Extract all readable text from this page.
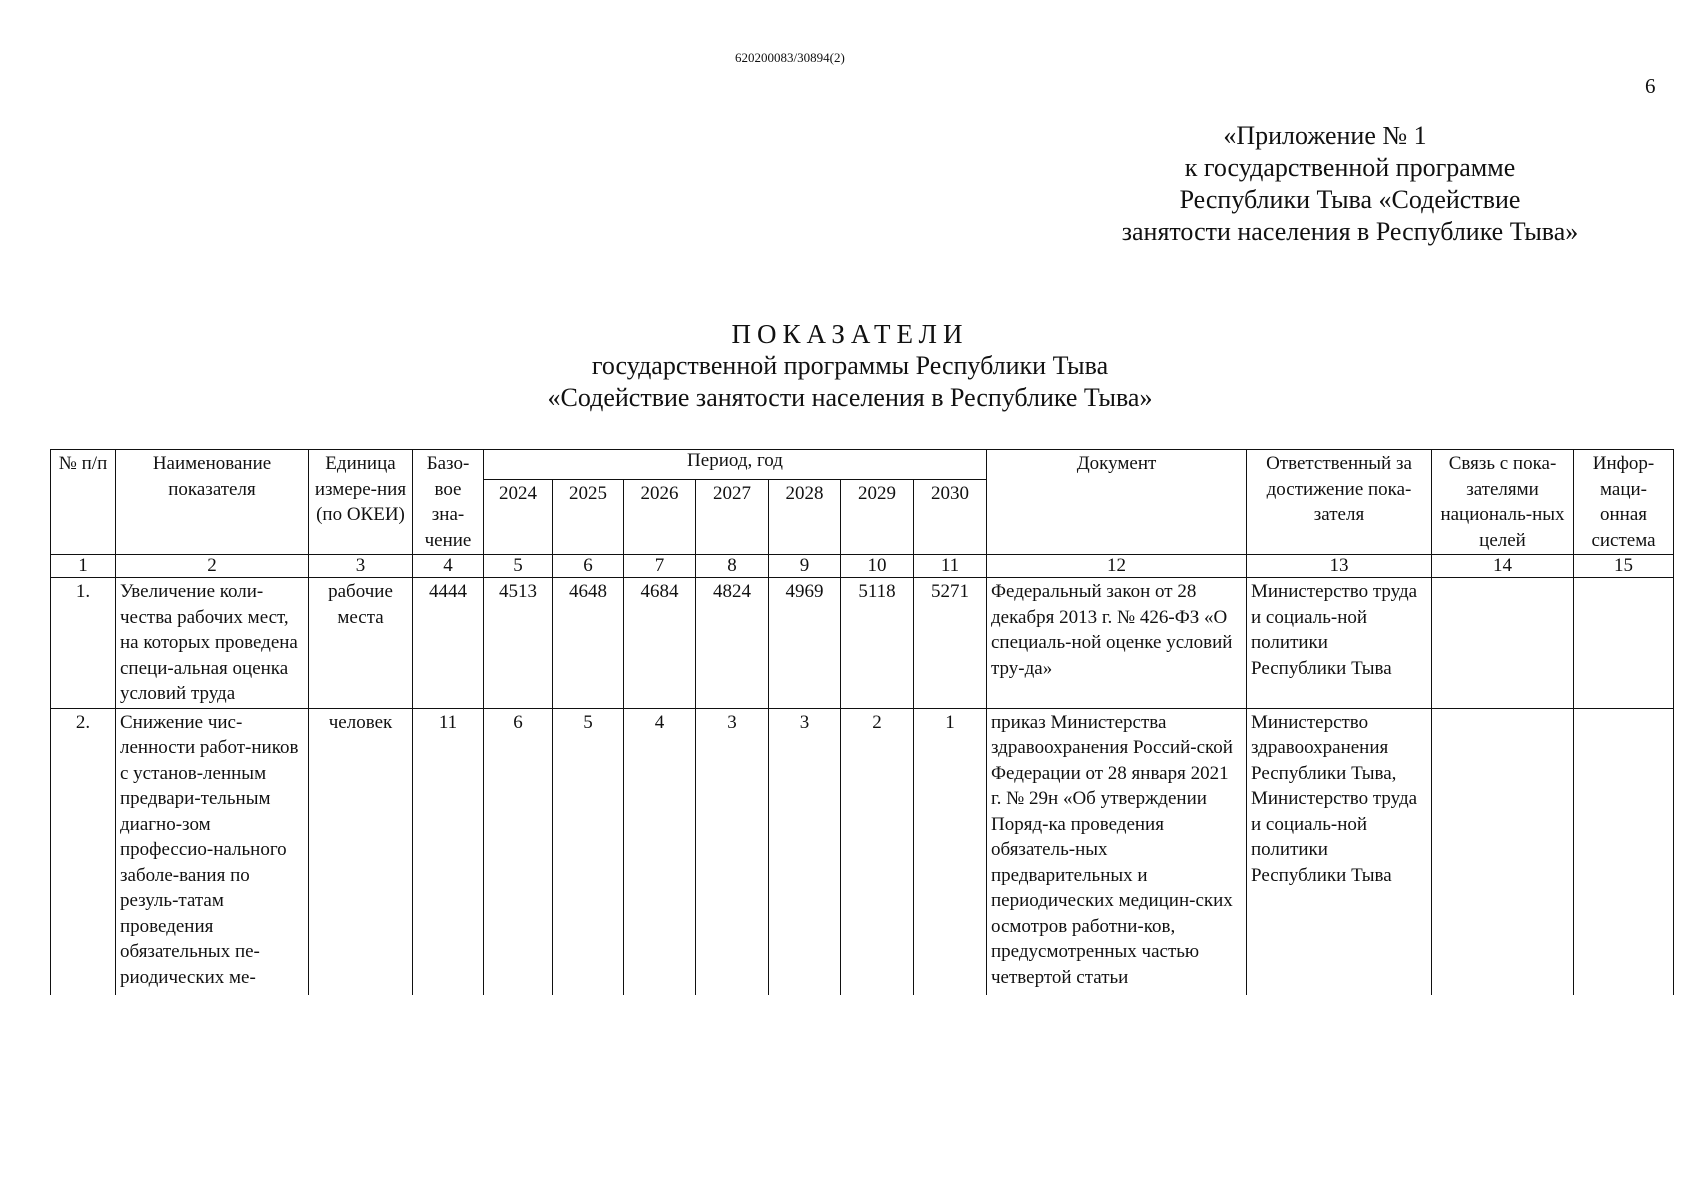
620200083/30894(2)
6
«Приложение № 1
к государственной программе
Республики Тыва «Содействие
занятости населения в Республике Тыва»
ПОКАЗАТЕЛИ
государственной программы Республики Тыва
«Содействие занятости населения в Республике Тыва»
№ п/п	Наименование показателя	Единица измере-ния (по ОКЕИ)	Базо-вое зна-чение	Период, год							Документ	Ответственный за достижение пока-зателя	Связь с пока-зателями националь-ных целей	Инфор-маци-онная система
				2024	2025	2026	2027	2028	2029	2030				
1	2	3	4	5	6	7	8	9	10	11	12	13	14	15
1.	Увеличение коли-чества рабочих мест, на которых проведена специ-альная оценка условий труда	рабочие места	4444	4513	4648	4684	4824	4969	5118	5271	Федеральный закон от 28 декабря 2013 г. № 426-ФЗ «О специаль-ной оценке условий тру-да»	Министерство труда и социаль-ной политики Республики Тыва		
2.	Снижение чис-ленности работ-ников с установ-ленным предвари-тельным диагно-зом профессио-нального заболе-вания по резуль-татам проведения обязательных пе-риодических ме-	человек	11	6	5	4	3	3	2	1	приказ Министерства здравоохранения Россий-ской Федерации от 28 января 2021 г. № 29н «Об утверждении Поряд-ка проведения обязатель-ных предварительных и периодических медицин-ских осмотров работни-ков, предусмотренных частью четвертой статьи	Министерство здравоохранения Республики Тыва, Министерство труда и социаль-ной политики Республики Тыва		
